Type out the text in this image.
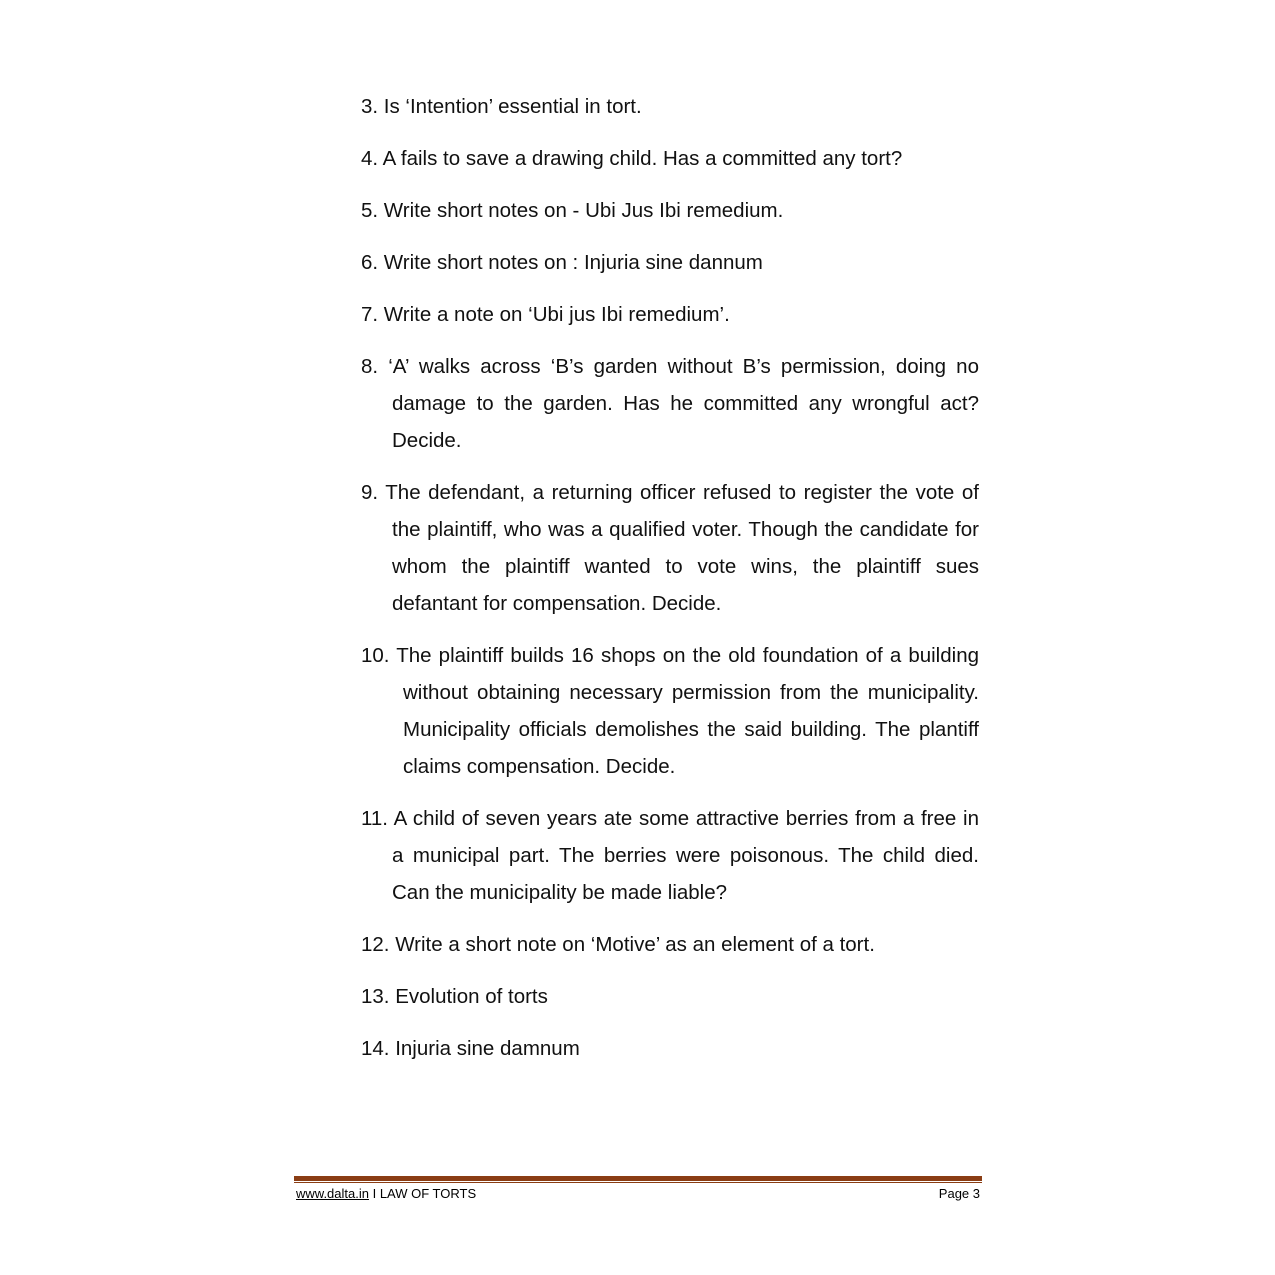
3. Is ‘Intention’ essential in tort.

4. A fails to save a drawing child. Has a committed any tort?

5. Write short notes on - Ubi Jus Ibi remedium.

6. Write short notes on : Injuria sine dannum

7. Write a note on ‘Ubi jus Ibi remedium’.

8. ‘A’ walks across ‘B’s garden without B’s permission, doing no damage to the garden. Has he committed any wrongful act? Decide.

9. The defendant, a returning officer refused to register the vote of the plaintiff, who was a qualified voter. Though the candidate for whom the plaintiff wanted to vote wins, the plaintiff sues defantant for compensation. Decide.

10. The plaintiff builds 16 shops on the old foundation of a building without obtaining necessary permission from the municipality. Municipality officials demolishes the said building. The plantiff claims compensation. Decide.

11. A child of seven years ate some attractive berries from a free in a municipal part. The berries were poisonous. The child died. Can the municipality be made liable?

12. Write a short note on ‘Motive’ as an element of a tort.

13. Evolution of torts

14. Injuria sine damnum

www.dalta.in I LAW OF TORTS	Page 3
